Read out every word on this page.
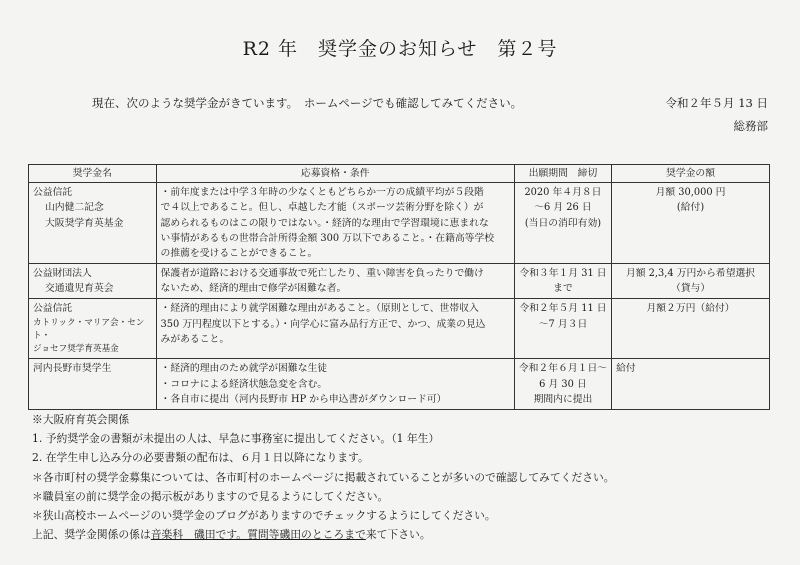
R2 年　奨学金のお知らせ　第２号
現在、次のような奨学金がきています。　ホームページでも確認してみてください。	令和２年５月 13 日
総務部
奨学金名	応募資格・条件	出願期間　締切	奨学金の額

公益信託
山内健二記念
大阪奨学育英基金	・前年度または中学３年時の少なくともどちらか一方の成績平均が５段階
で４以上であること。但し、卓越した才能（スポーツ芸術分野を除く）が
認められるものはこの限りではない。・経済的な理由で学習環境に恵まれな
い事情があるもの世帯合計所得金額 300 万以下であること。・在籍高等学校
の推薦を受けることができること。	2020 年４月８日
～6 月 26 日
(当日の消印有効)	月額 30,000 円
(給付)

公益財団法人
交通遺児育英会	保護者が道路における交通事故で死亡したり、重い障害を負ったりで働け
ないため、経済的理由で修学が困難な者。	令和３年１月 31 日
まで	月額 2,3,4 万円から希望選択
（貸与）

公益信託
カトリック・マリア会・セント・
ジョセフ奨学育英基金	・経済的理由により就学困難な理由があること。（原則として、世帯収入
350 万円程度以下とする。）・向学心に富み品行方正で、かつ、成業の見込
みがあること。	令和２年５月 11 日
～7 月３日	月額２万円（給付）

河内長野市奨学生	・経済的理由のため就学が困難な生徒
・コロナによる経済状態急変を含む。
・各自市に提出（河内長野市 HP から申込書がダウンロード可）	令和２年６月１日～
6 月 30 日
期間内に提出	給付
※大阪府育英会関係
1. 予約奨学金の書類が未提出の人は、早急に事務室に提出してください。（1 年生）
2. 在学生申し込み分の必要書類の配布は、６月１日以降になります。
＊各市町村の奨学金募集については、各市町村のホームページに掲載されていることが多いので確認してみてください。
＊職員室の前に奨学金の掲示板がありますので見るようにしてください。
＊狭山高校ホームページのい奨学金のブログがありますのでチェックするようにしてください。
上記、奨学金関係の係は音楽科　磯田です。質問等磯田のところまで来て下さい。
